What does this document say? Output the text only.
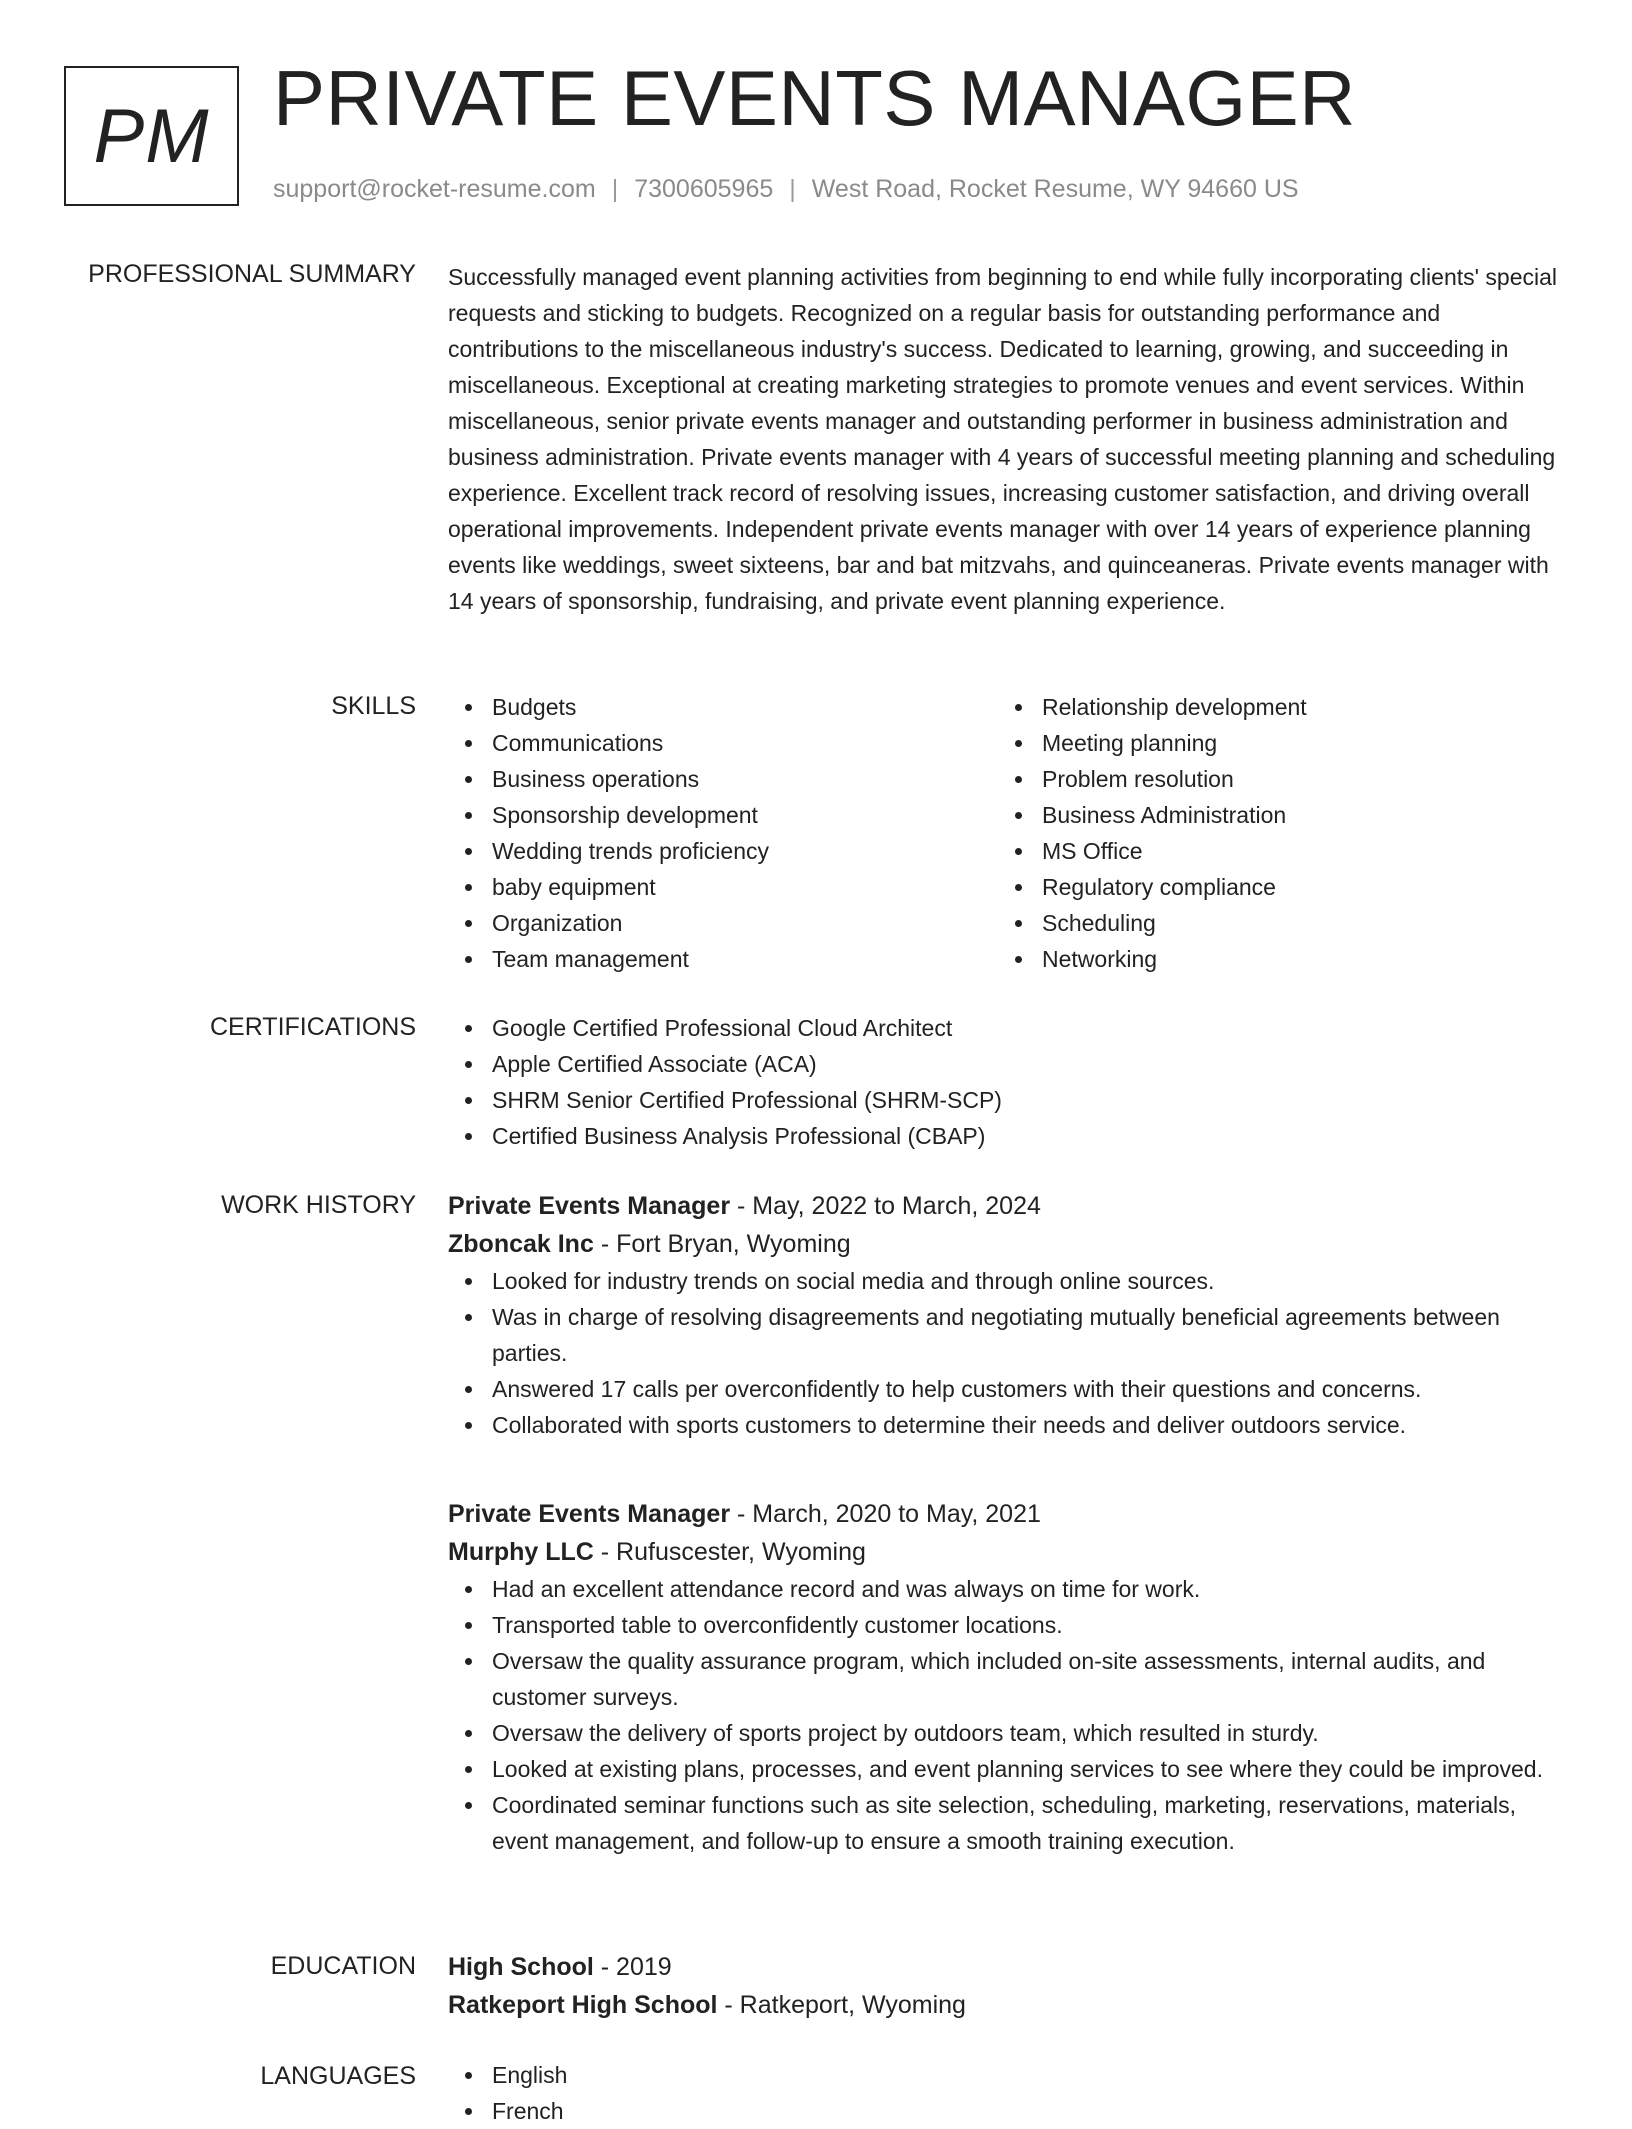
PM PRIVATE EVENTS MANAGER
support@rocket-resume.com | 7300605965 | West Road, Rocket Resume, WY 94660 US
PROFESSIONAL SUMMARY Successfully managed event planning activities from beginning to end while fully incorporating clients' special requests and sticking to budgets. Recognized on a regular basis for outstanding performance and contributions to the miscellaneous industry's success. Dedicated to learning, growing, and succeeding in miscellaneous. Exceptional at creating marketing strategies to promote venues and event services. Within miscellaneous, senior private events manager and outstanding performer in business administration and business administration. Private events manager with 4 years of successful meeting planning and scheduling experience. Excellent track record of resolving issues, increasing customer satisfaction, and driving overall operational improvements. Independent private events manager with over 14 years of experience planning events like weddings, sweet sixteens, bar and bat mitzvahs, and quinceaneras. Private events manager with 14 years of sponsorship, fundraising, and private event planning experience.
SKILLS	Budgets
Communications
Business operations
Sponsorship development
Wedding trends proficiency
baby equipment
Organization
Team management
Relationship development
Meeting planning
Problem resolution
Business Administration
MS Office
Regulatory compliance
Scheduling
Networking
CERTIFICATIONS	Google Certified Professional Cloud Architect
Apple Certified Associate (ACA)
SHRM Senior Certified Professional (SHRM-SCP)
Certified Business Analysis Professional (CBAP)
WORK HISTORY Private Events Manager - May, 2022 to March, 2024
Zboncak Inc - Fort Bryan, Wyoming
Looked for industry trends on social media and through online sources.
Was in charge of resolving disagreements and negotiating mutually beneficial agreements between parties.
Answered 17 calls per overconfidently to help customers with their questions and concerns.
Collaborated with sports customers to determine their needs and deliver outdoors service.
Private Events Manager - March, 2020 to May, 2021
Murphy LLC - Rufuscester, Wyoming
Had an excellent attendance record and was always on time for work.
Transported table to overconfidently customer locations.
Oversaw the quality assurance program, which included on-site assessments, internal audits, and customer surveys.
Oversaw the delivery of sports project by outdoors team, which resulted in sturdy.
Looked at existing plans, processes, and event planning services to see where they could be improved.
Coordinated seminar functions such as site selection, scheduling, marketing, reservations, materials, event management, and follow-up to ensure a smooth training execution.
EDUCATION High School - 2019
Ratkeport High School - Ratkeport, Wyoming
LANGUAGES	English
French
